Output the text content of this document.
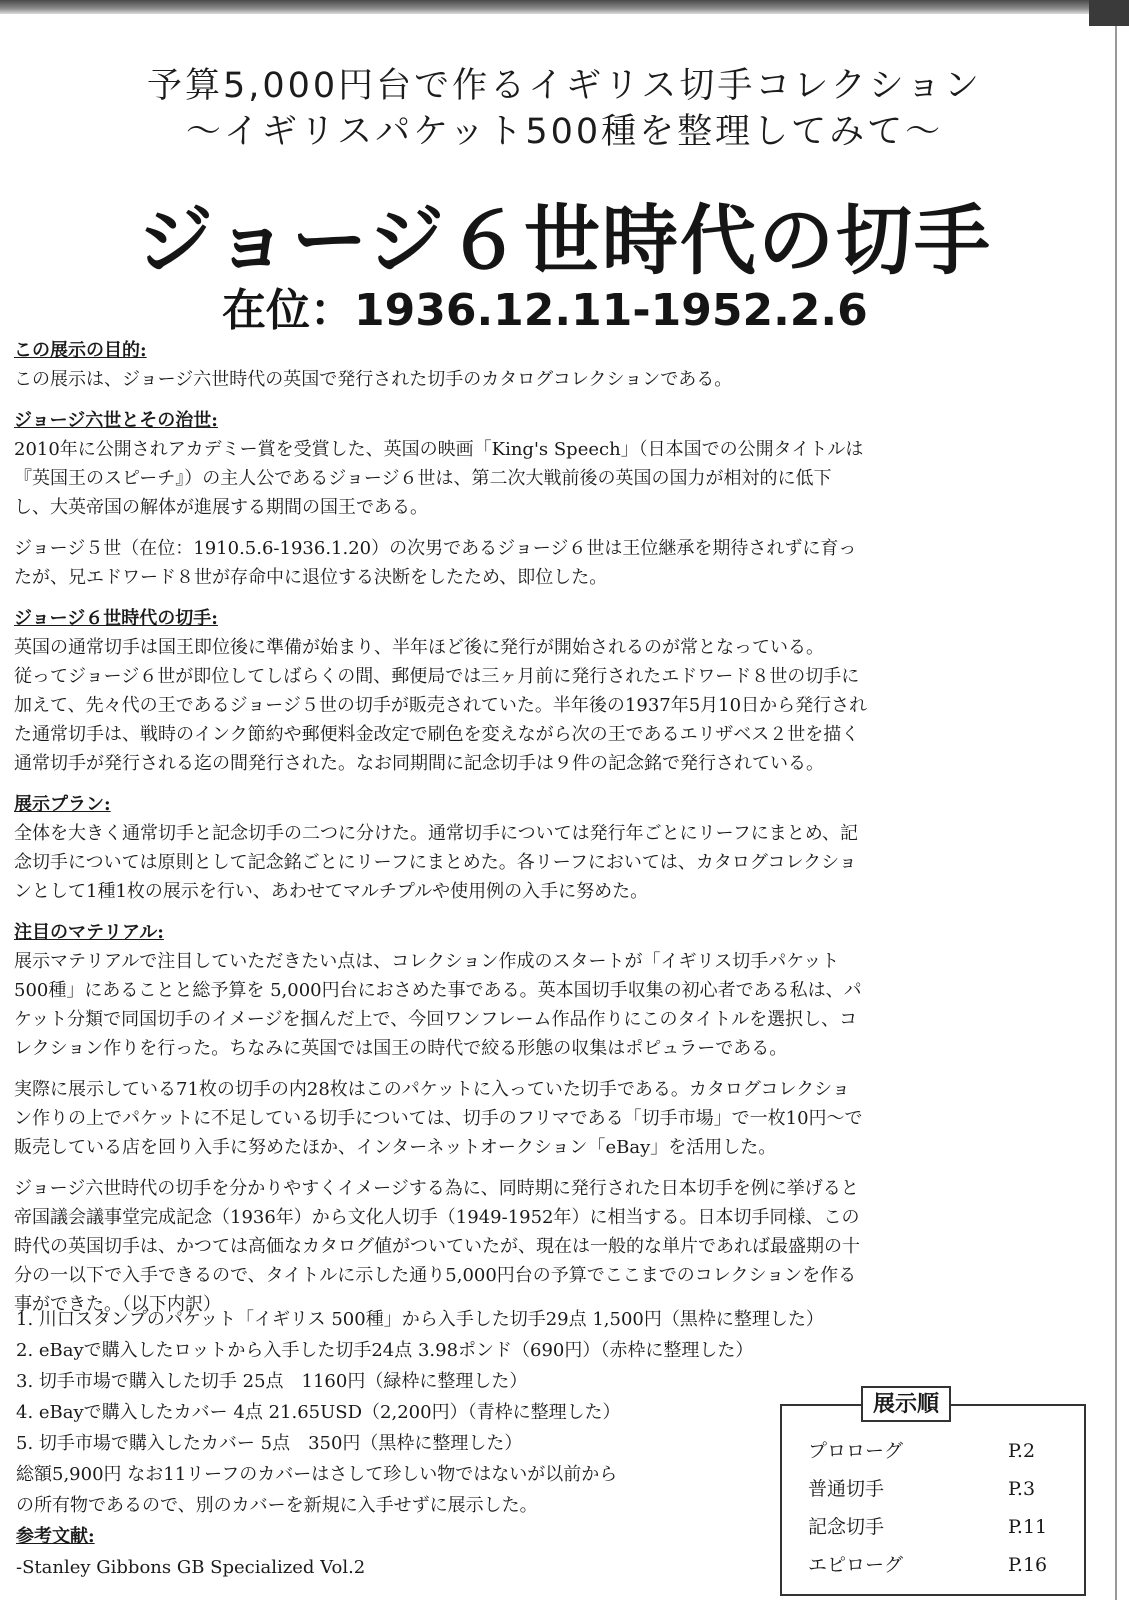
予算5,000円台で作るイギリス切手コレクション
～イギリスパケット500種を整理してみて～
ジョージ６世時代の切手
在位：1936.12.11-1952.2.6
この展示の目的:
この展示は、ジョージ六世時代の英国で発行された切手のカタログコレクションである。
ジョージ六世とその治世:
2010年に公開されアカデミー賞を受賞した、英国の映画「King's Speech」（日本国での公開タイトルは
『英国王のスピーチ』）の主人公であるジョージ６世は、第二次大戦前後の英国の国力が相対的に低下
し、大英帝国の解体が進展する期間の国王である。
ジョージ５世（在位：1910.5.6-1936.1.20）の次男であるジョージ６世は王位継承を期待されずに育っ
たが、兄エドワード８世が存命中に退位する決断をしたため、即位した。
ジョージ６世時代の切手:
英国の通常切手は国王即位後に準備が始まり、半年ほど後に発行が開始されるのが常となっている。
従ってジョージ６世が即位してしばらくの間、郵便局では三ヶ月前に発行されたエドワード８世の切手に
加えて、先々代の王であるジョージ５世の切手が販売されていた。半年後の1937年5月10日から発行され
た通常切手は、戦時のインク節約や郵便料金改定で刷色を変えながら次の王であるエリザベス２世を描く
通常切手が発行される迄の間発行された。なお同期間に記念切手は９件の記念銘で発行されている。
展示プラン:
全体を大きく通常切手と記念切手の二つに分けた。通常切手については発行年ごとにリーフにまとめ、記
念切手については原則として記念銘ごとにリーフにまとめた。各リーフにおいては、カタログコレクショ
ンとして1種1枚の展示を行い、あわせてマルチプルや使用例の入手に努めた。
注目のマテリアル:
展示マテリアルで注目していただきたい点は、コレクション作成のスタートが「イギリス切手パケット
500種」にあることと総予算を 5,000円台におさめた事である。英本国切手収集の初心者である私は、パ
ケット分類で同国切手のイメージを掴んだ上で、今回ワンフレーム作品作りにこのタイトルを選択し、コ
レクション作りを行った。ちなみに英国では国王の時代で絞る形態の収集はポピュラーである。
実際に展示している71枚の切手の内28枚はこのパケットに入っていた切手である。カタログコレクショ
ン作りの上でパケットに不足している切手については、切手のフリマである「切手市場」で一枚10円～で
販売している店を回り入手に努めたほか、インターネットオークション「eBay」を活用した。
ジョージ六世時代の切手を分かりやすくイメージする為に、同時期に発行された日本切手を例に挙げると
帝国議会議事堂完成記念（1936年）から文化人切手（1949-1952年）に相当する。日本切手同様、この
時代の英国切手は、かつては高価なカタログ値がついていたが、現在は一般的な単片であれば最盛期の十
分の一以下で入手できるので、タイトルに示した通り5,000円台の予算でここまでのコレクションを作る
事ができた。（以下内訳）
1. 川口スタンプのパケット「イギリス 500種」から入手した切手29点 1,500円（黒枠に整理した）
2. eBayで購入したロットから入手した切手24点 3.98ポンド（690円）（赤枠に整理した）
3. 切手市場で購入した切手 25点　1160円（緑枠に整理した）
4. eBayで購入したカバー 4点 21.65USD（2,200円）（青枠に整理した）
5. 切手市場で購入したカバー 5点　350円（黒枠に整理した）
総額5,900円 なお11リーフのカバーはさして珍しい物ではないが以前から
の所有物であるので、別のカバーを新規に入手せずに展示した。
参考文献:
-Stanley Gibbons GB Specialized Vol.2
展示順
プロローグ	P.2
普通切手	P.3
記念切手	P.11
エピローグ	P.16
